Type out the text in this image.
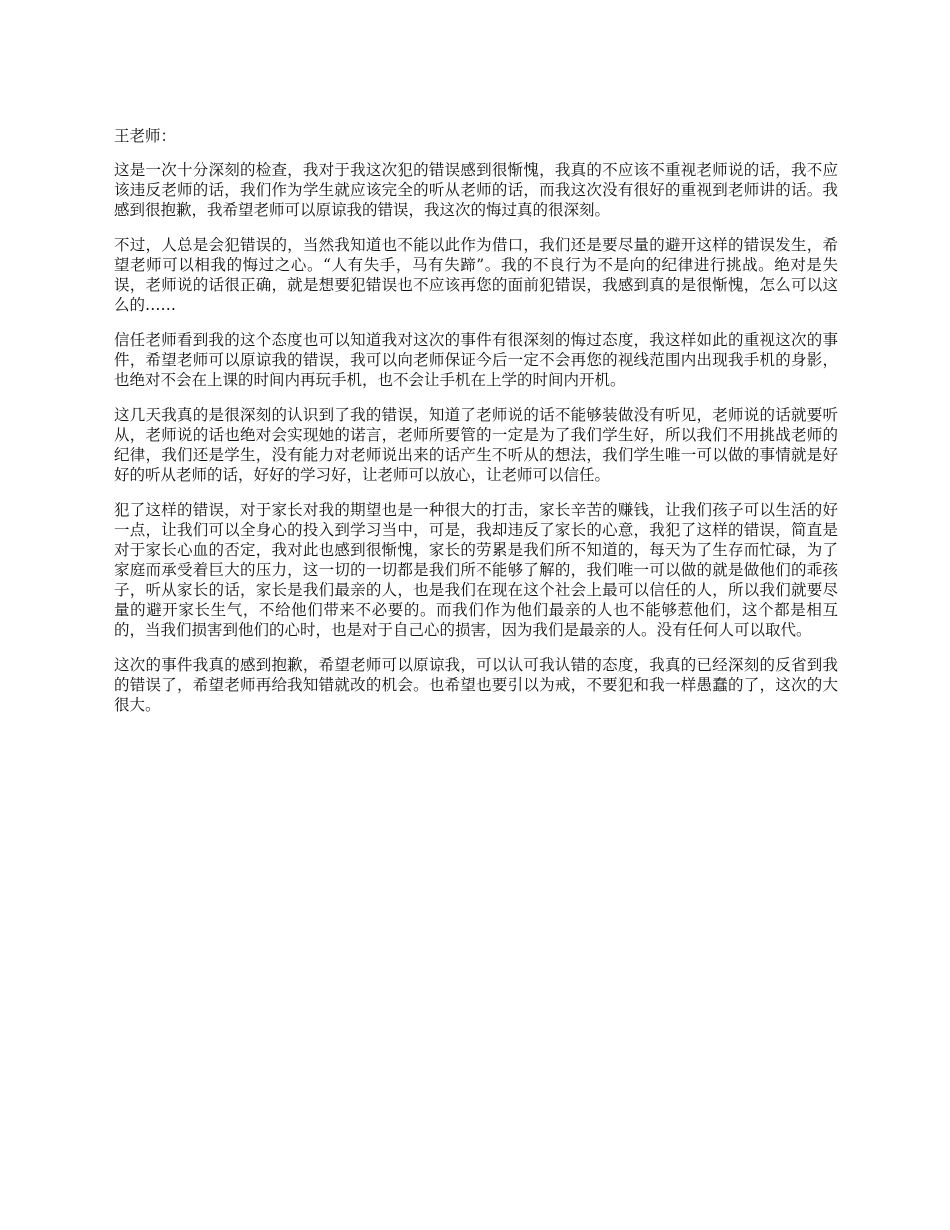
王老师：

这是一次十分深刻的检查，我对于我这次犯的错误感到很惭愧，我真的不应该不重视老师说的话，我不应该违反老师的话，我们作为学生就应该完全的听从老师的话，而我这次没有很好的重视到老师讲的话。我感到很抱歉，我希望老师可以原谅我的错误，我这次的悔过真的很深刻。

不过，人总是会犯错误的，当然我知道也不能以此作为借口，我们还是要尽量的避开这样的错误发生，希望老师可以相我的悔过之心。“人有失手，马有失蹄”。我的不良行为不是向的纪律进行挑战。绝对是失误，老师说的话很正确，就是想要犯错误也不应该再您的面前犯错误，我感到真的是很惭愧，怎么可以这么的……

信任老师看到我的这个态度也可以知道我对这次的事件有很深刻的悔过态度，我这样如此的重视这次的事件，希望老师可以原谅我的错误，我可以向老师保证今后一定不会再您的视线范围内出现我手机的身影，也绝对不会在上课的时间内再玩手机，也不会让手机在上学的时间内开机。

这几天我真的是很深刻的认识到了我的错误，知道了老师说的话不能够装做没有听见，老师说的话就要听从，老师说的话也绝对会实现她的诺言，老师所要管的一定是为了我们学生好，所以我们不用挑战老师的纪律，我们还是学生，没有能力对老师说出来的话产生不听从的想法，我们学生唯一可以做的事情就是好好的听从老师的话，好好的学习好，让老师可以放心，让老师可以信任。

犯了这样的错误，对于家长对我的期望也是一种很大的打击，家长辛苦的赚钱，让我们孩子可以生活的好一点，让我们可以全身心的投入到学习当中，可是，我却违反了家长的心意，我犯了这样的错误，简直是对于家长心血的否定，我对此也感到很惭愧，家长的劳累是我们所不知道的，每天为了生存而忙碌，为了家庭而承受着巨大的压力，这一切的一切都是我们所不能够了解的，我们唯一可以做的就是做他们的乖孩子，听从家长的话，家长是我们最亲的人，也是我们在现在这个社会上最可以信任的人，所以我们就要尽量的避开家长生气，不给他们带来不必要的。而我们作为他们最亲的人也不能够惹他们，这个都是相互的，当我们损害到他们的心时，也是对于自己心的损害，因为我们是最亲的人。没有任何人可以取代。

这次的事件我真的感到抱歉，希望老师可以原谅我，可以认可我认错的态度，我真的已经深刻的反省到我的错误了，希望老师再给我知错就改的机会。也希望也要引以为戒，不要犯和我一样愚蠢的了，这次的大很大。
